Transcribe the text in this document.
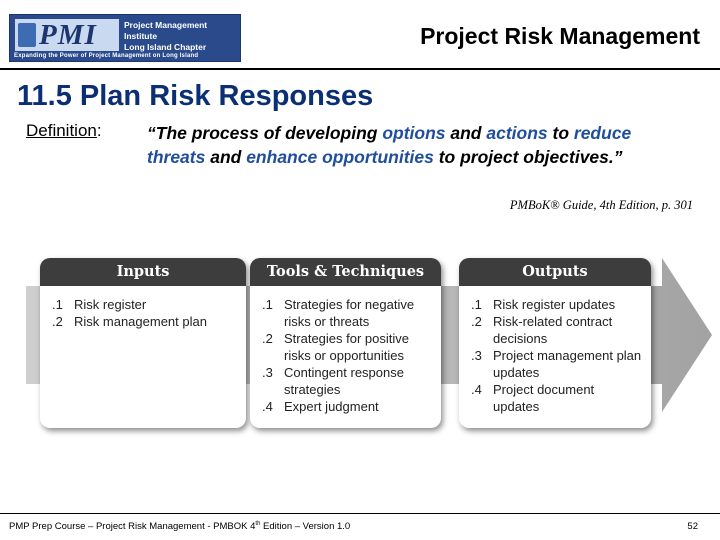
PMI	Project Management Institute
Long Island Chapter
Expanding the Power of Project Management on Long Island
Project Risk Management
11.5 Plan Risk Responses
Definition:	“The process of developing options and actions to reduce threats and enhance opportunities to project objectives.”
PMBoK® Guide, 4th Edition, p. 301
Inputs
.1 Risk register
.2 Risk management plan
Tools & Techniques
.1 Strategies for negative risks or threats
.2 Strategies for positive risks or opportunities
.3 Contingent response strategies
.4 Expert judgment
Outputs
.1 Risk register updates
.2 Risk-related contract decisions
.3 Project management plan updates
.4 Project document updates
PMP Prep Course – Project Risk Management - PMBOK 4th Edition – Version 1.0	52
